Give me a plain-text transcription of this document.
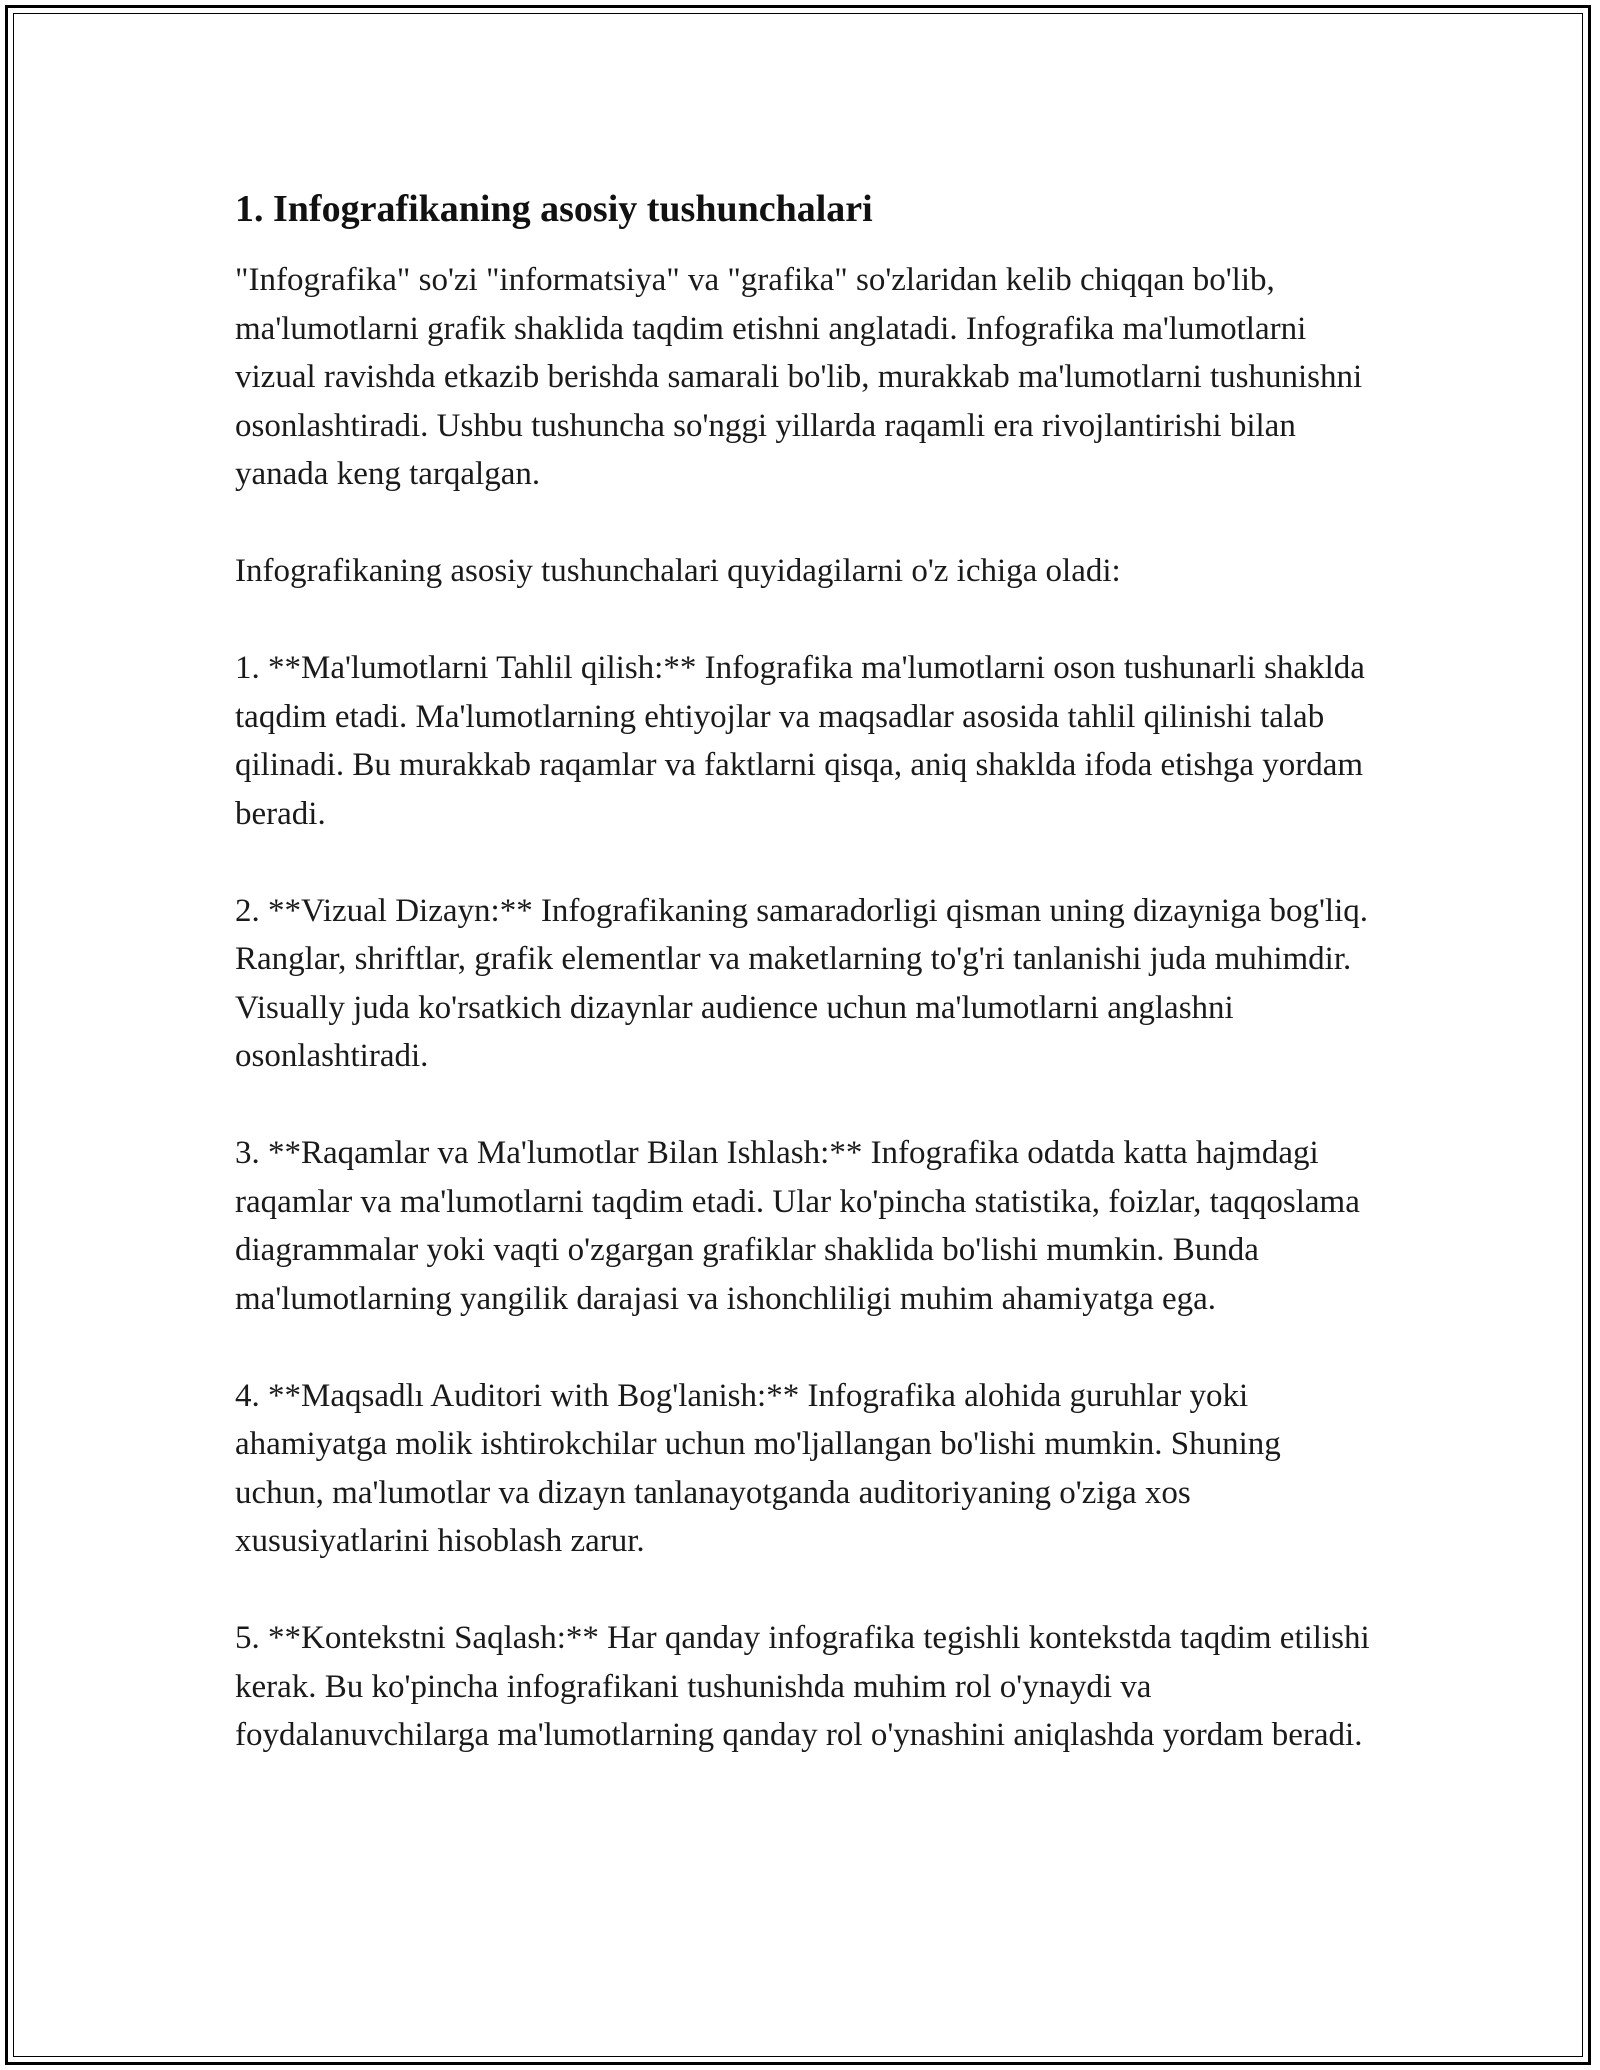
1. Infografikaning asosiy tushunchalari

"Infografika" so'zi "informatsiya" va "grafika" so'zlaridan kelib chiqqan bo'lib, ma'lumotlarni grafik shaklida taqdim etishni anglatadi. Infografika ma'lumotlarni vizual ravishda etkazib berishda samarali bo'lib, murakkab ma'lumotlarni tushunishni osonlashtiradi. Ushbu tushuncha so'nggi yillarda raqamli era rivojlantirishi bilan yanada keng tarqalgan.

Infografikaning asosiy tushunchalari quyidagilarni o'z ichiga oladi:

1. **Ma'lumotlarni Tahlil qilish:** Infografika ma'lumotlarni oson tushunarli shaklda taqdim etadi. Ma'lumotlarning ehtiyojlar va maqsadlar asosida tahlil qilinishi talab qilinadi. Bu murakkab raqamlar va faktlarni qisqa, aniq shaklda ifoda etishga yordam beradi.

2. **Vizual Dizayn:** Infografikaning samaradorligi qisman uning dizayniga bog'liq. Ranglar, shriftlar, grafik elementlar va maketlarning to'g'ri tanlanishi juda muhimdir. Visually juda ko'rsatkich dizaynlar audience uchun ma'lumotlarni anglashni osonlashtiradi.

3. **Raqamlar va Ma'lumotlar Bilan Ishlash:** Infografika odatda katta hajmdagi raqamlar va ma'lumotlarni taqdim etadi. Ular ko'pincha statistika, foizlar, taqqoslama diagrammalar yoki vaqti o'zgargan grafiklar shaklida bo'lishi mumkin. Bunda ma'lumotlarning yangilik darajasi va ishonchliligi muhim ahamiyatga ega.

4. **Maqsadlı Auditori with Bog'lanish:** Infografika alohida guruhlar yoki ahamiyatga molik ishtirokchilar uchun mo'ljallangan bo'lishi mumkin. Shuning uchun, ma'lumotlar va dizayn tanlanayotganda auditoriyaning o'ziga xos xususiyatlarini hisoblash zarur.

5. **Kontekstni Saqlash:** Har qanday infografika tegishli kontekstda taqdim etilishi kerak. Bu ko'pincha infografikani tushunishda muhim rol o'ynaydi va foydalanuvchilarga ma'lumotlarning qanday rol o'ynashini aniqlashda yordam beradi.
